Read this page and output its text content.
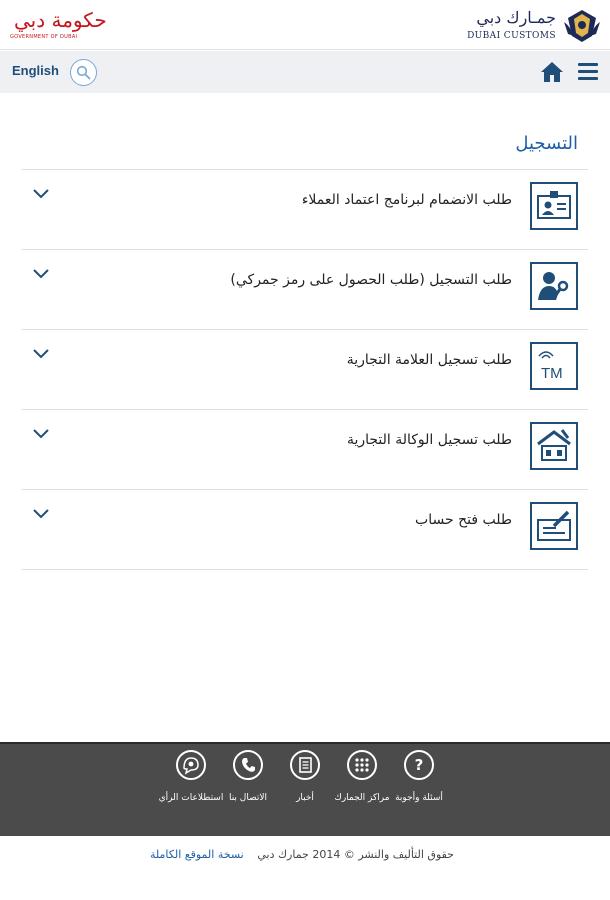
حكومة دبي
GOVERNMENT OF DUBAI
جمـارك دبي
DUBAI CUSTOMS
English
التسجيل
طلب الانضمام لبرنامج اعتماد العملاء
طلب التسجيل (طلب الحصول على رمز جمركي)
TM
طلب تسجيل العلامة التجارية
طلب تسجيل الوكالة التجارية
طلب فتح حساب
?
أسئلة وأجوبة
مراكز الجمارك
أخبار
الاتصال بنا
استطلاعات الرأي
حقوق التأليف والنشر © 2014 جمارك دبي
نسخة الموقع الكاملة
